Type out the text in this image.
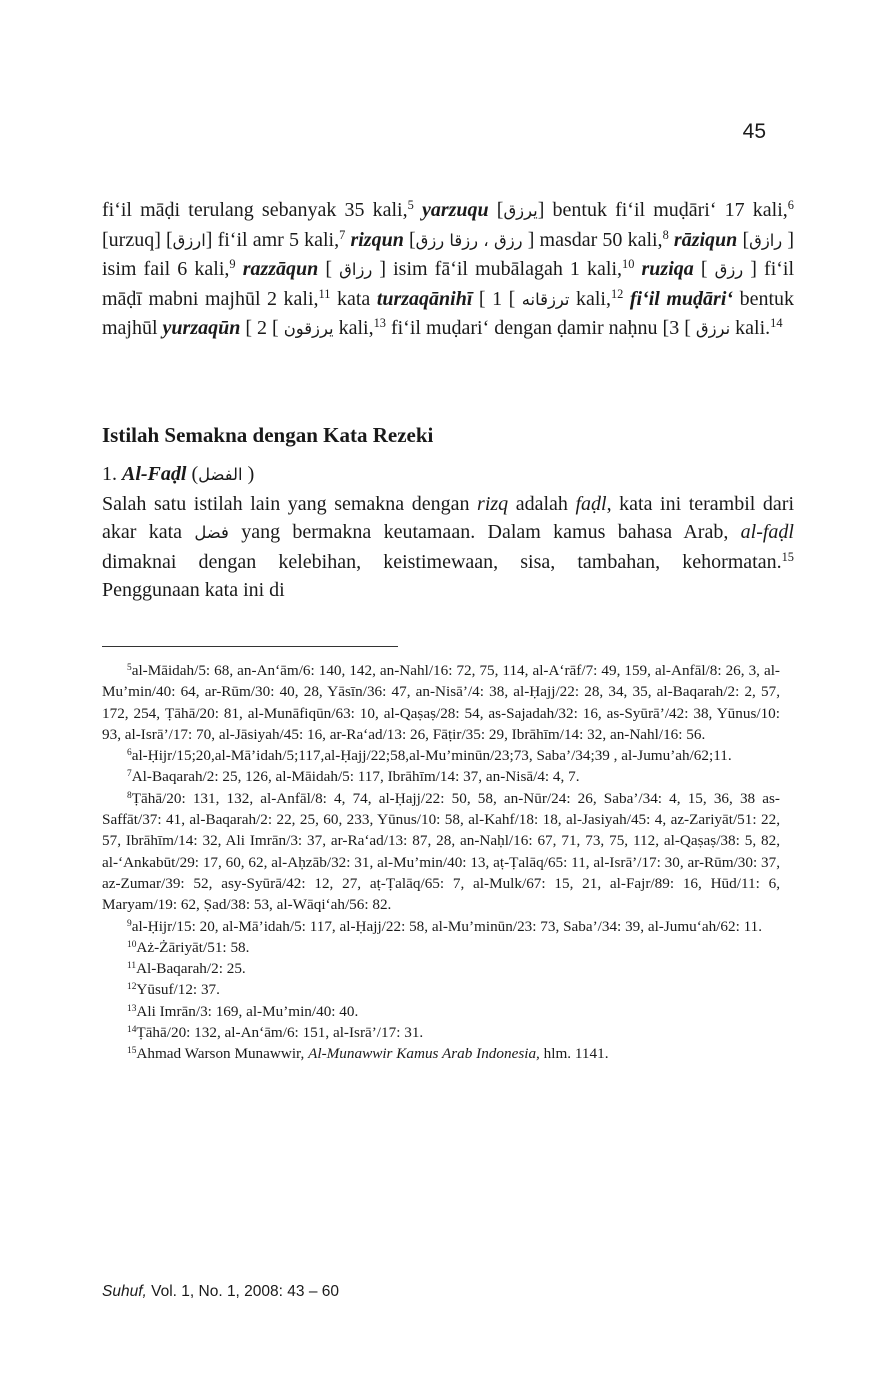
45

fi‘il māḍi terulang sebanyak 35 kali,$^5$ yarzuqu [يرزق] bentuk fi‘il muḍāri‘ 17 kali,$^6$ [urzuq] [ارزق] fi‘il amr 5 kali,$^7$ rizqun [ رزق ، رزقا رزق	] masdar 50 kali,$^8$ rāziqun [رازق ] isim fail 6 kali,$^9$ razzāqun [ رزاق ] isim fā‘il mubālagah 1 kali,$^{10}$ ruziqa [ رزق ] fi‘il māḍī mabni majhūl 2 kali,$^{11}$ kata turzaqānihī [ ترزقانه ] 1 kali,$^{12}$ fi‘il muḍāri‘ bentuk majhūl yurzaqūn [ يرزقون ] 2 kali,$^{13}$ fi‘il muḍari‘ dengan ḍamir naḥnu [ نرزق ] 3 kali.$^{14}$

Istilah Semakna dengan Kata Rezeki
1. Al-Faḍl (الفضل )

Salah satu istilah lain yang semakna dengan rizq adalah faḍl, kata ini terambil dari akar kata فضل yang bermakna keutamaan. Dalam kamus bahasa Arab, al-faḍl dimaknai dengan kelebihan, keistimewaan, sisa, tambahan, kehormatan.$^{15}$ Penggunaan kata ini di

$^5$al-Māidah/5: 68, an-An‘ām/6: 140, 142, an-Nahl/16: 72, 75, 114, al-A‘rāf/7: 49, 159, al-Anfāl/8: 26, 3, al-Mu’min/40: 64, ar-Rūm/30: 40, 28, Yāsīn/36: 47, an-Nisā’/4: 38, al-Ḥajj/22: 28, 34, 35, al-Baqarah/2: 2, 57, 172, 254, Ṭāhā/20: 81, al-Munāfiqūn/63: 10, al-Qaṣaṣ/28: 54, as-Sajadah/32: 16, as-Syūrā’/42: 38, Yūnus/10: 93, al-Isrā’/17: 70, al-Jāsiyah/45: 16, ar-Ra‘ad/13: 26, Fāṭir/35: 29, Ibrāhīm/14: 32, an-Nahl/16: 56.

$^6$al-Ḥijr/15;20,al-Mā’idah/5;117,al-Ḥajj/22;58,al-Mu’minūn/23;73, Saba’/34;39 , al-Jumu’ah/62;11.

$^7$Al-Baqarah/2: 25, 126, al-Māidah/5: 117, Ibrāhīm/14: 37, an-Nisā/4: 4, 7.

$^8$Ṭāhā/20: 131, 132, al-Anfāl/8: 4, 74, al-Ḥajj/22: 50, 58, an-Nūr/24: 26, Saba’/34: 4, 15, 36, 38 as-Saffāt/37: 41, al-Baqarah/2: 22, 25, 60, 233, Yūnus/10: 58, al-Kahf/18: 18, al-Jasiyah/45: 4, az-Zariyāt/51: 22, 57, Ibrāhīm/14: 32, Ali Imrān/3: 37, ar-Ra‘ad/13: 87, 28, an-Naḥl/16: 67, 71, 73, 75, 112, al-Qaṣaṣ/38: 5, 82, al-‘Ankabūt/29: 17, 60, 62, al-Aḥzāb/32: 31, al-Mu’min/40: 13, aṭ-Ṭalāq/65: 11, al-Isrā’/17: 30, ar-Rūm/30: 37, az-Zumar/39: 52, asy-Syūrā/42: 12, 27, aṭ-Ṭalāq/65: 7, al-Mulk/67: 15, 21, al-Fajr/89: 16, Hūd/11: 6, Maryam/19: 62, Ṣad/38: 53, al-Wāqi‘ah/56: 82.

$^9$al-Ḥijr/15: 20, al-Mā’idah/5: 117, al-Ḥajj/22: 58, al-Mu’minūn/23: 73, Saba’/34: 39, al-Jumu‘ah/62: 11.

$^{10}$Aż-Żāriyāt/51: 58.

$^{11}$Al-Baqarah/2: 25.

$^{12}$Yūsuf/12: 37.

$^{13}$Ali Imrān/3: 169, al-Mu’min/40: 40.

$^{14}$Ṭāhā/20: 132, al-An‘ām/6: 151, al-Isrā’/17: 31.

$^{15}$Ahmad Warson Munawwir, Al-Munawwir Kamus Arab Indonesia, hlm. 1141.

Suhuf, Vol. 1, No. 1, 2008: 43 – 60
